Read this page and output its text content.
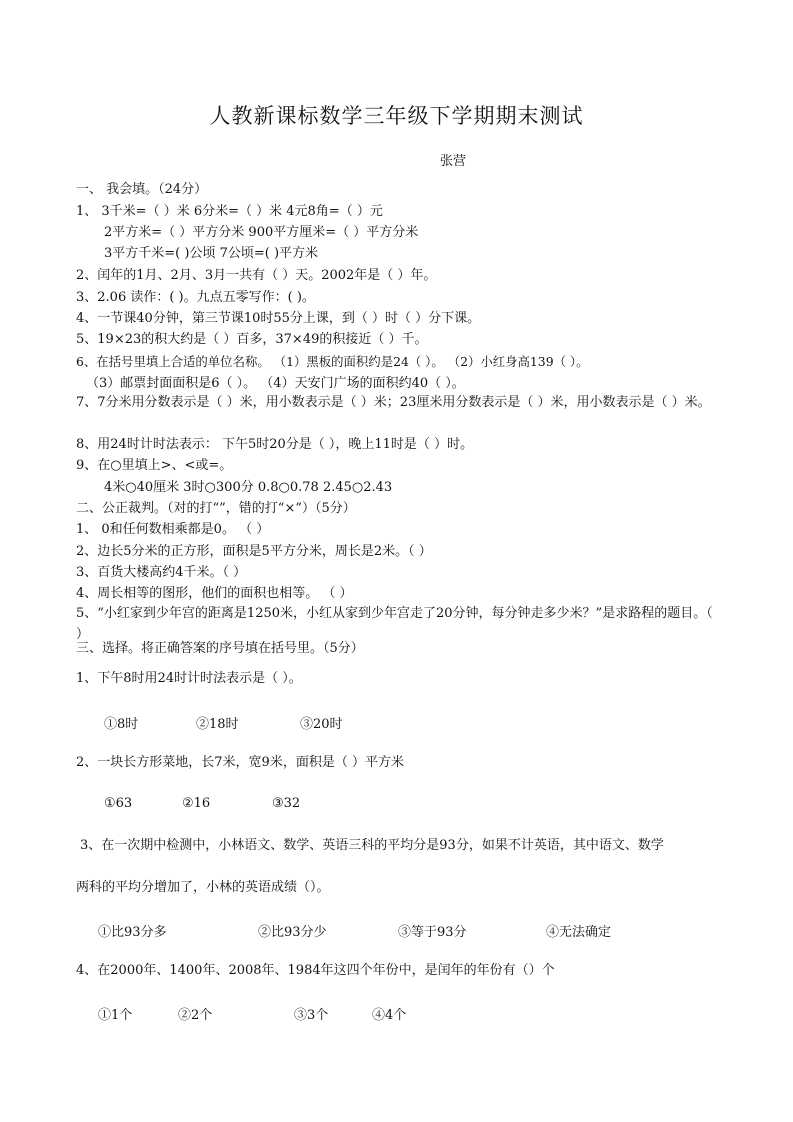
人教新课标数学三年级下学期期末测试
张营
一、 我会填。（24分）
1、 3千米=（ ）米 6分米=（ ）米 4元8角=（ ）元
2平方米=（ ）平方分米 900平方厘米=（ ）平方分米
3平方千米=( )公顷 7公顷=( )平方米
2、闰年的1月、2月、3月一共有（ ）天。2002年是（ ）年。
3、2.06 读作：( )。九点五零写作：( )。
4、一节课40分钟，第三节课10时55分上课，到（ ）时（ ）分下课。
5、19×23的积大约是（ ）百多，37×49的积接近（ ）千。
6、在括号里填上合适的单位名称。 （1）黑板的面积约是24（ ）。 （2）小红身高139（ ）。
（3）邮票封面面积是6（ ）。 （4）天安门广场的面积约40（ ）。
7、7分米用分数表示是（ ）米，用小数表示是（ ）米；23厘米用分数表示是（ ）米，用小数表示是（ ）米。
8、用24时计时法表示： 下午5时20分是（ ），晚上11时是（ ）时。
9、在○里填上>、<或=。
4米○40厘米 3时○300分 0.8○0.78 2.45○2.43
二、公正裁判。（对的打“”，错的打“×”）（5分）
1、 0和任何数相乘都是0。 （ ）
2、边长5分米的正方形，面积是5平方分米，周长是2米。（ ）
3、百货大楼高约4千米。（ ）
4、周长相等的图形，他们的面积也相等。 （ ）
5、“小红家到少年宫的距离是1250米，小红从家到少年宫走了20分钟，每分钟走多少米？”是求路程的题目。（ ）
三、选择。将正确答案的序号填在括号里。（5分）
1、下午8时用24时计时法表示是（ ）。
①8时	②18时	③20时
2、一块长方形菜地，长7米，宽9米，面积是（ ）平方米
①63	②16	③32
3、在一次期中检测中，小林语文、数学、英语三科的平均分是93分，如果不计英语，其中语文、数学
两科的平均分增加了，小林的英语成绩（）。
①比93分多	②比93分少	③等于93分	④无法确定
4、在2000年、1400年、2008年、1984年这四个年份中，是闰年的年份有（）个
①1个	②2个	③3个	④4个
